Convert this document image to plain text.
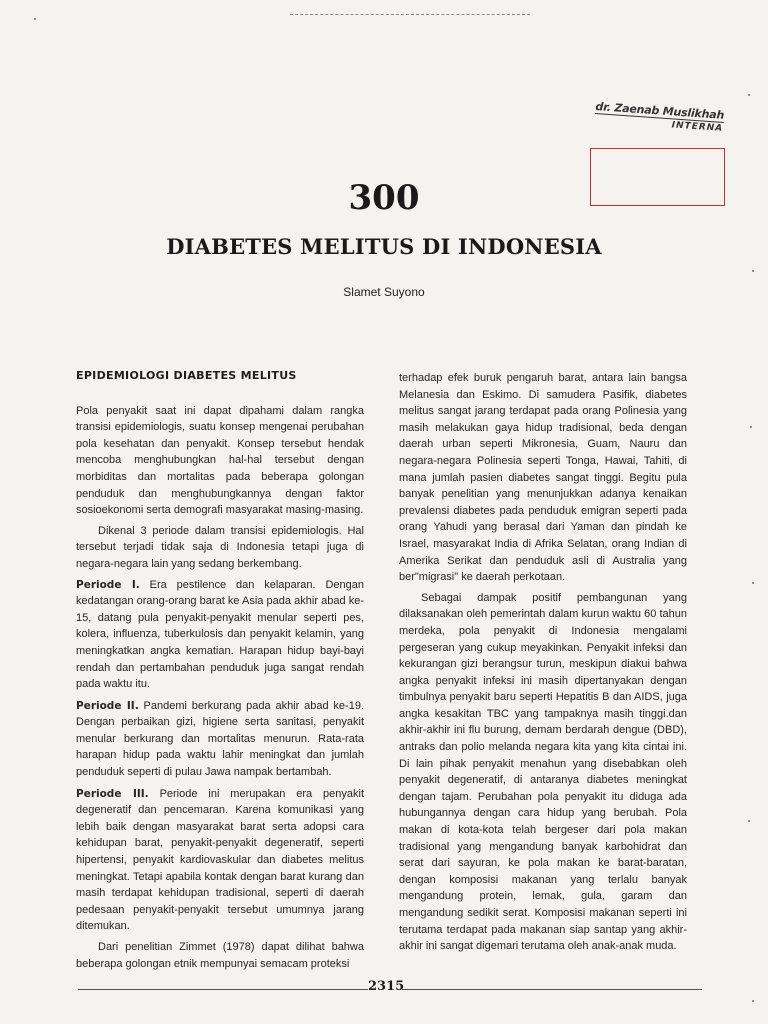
dr. Zaenab Muslikhah
INTERNA
300
DIABETES MELITUS DI INDONESIA
Slamet Suyono
EPIDEMIOLOGI DIABETES MELITUS

Pola penyakit saat ini dapat dipahami dalam rangka transisi epidemiologis, suatu konsep mengenai perubahan pola kesehatan dan penyakit. Konsep tersebut hendak mencoba menghubungkan hal-hal tersebut dengan morbiditas dan mortalitas pada beberapa golongan penduduk dan menghubungkannya dengan faktor sosioekonomi serta demografi masyarakat masing-masing.

Dikenal 3 periode dalam transisi epidemiologis. Hal tersebut terjadi tidak saja di Indonesia tetapi juga di negara-negara lain yang sedang berkembang.

Periode I. Era pestilence dan kelaparan. Dengan kedatangan orang-orang barat ke Asia pada akhir abad ke-15, datang pula penyakit-penyakit menular seperti pes, kolera, influenza, tuberkulosis dan penyakit kelamin, yang meningkatkan angka kematian. Harapan hidup bayi-bayi rendah dan pertambahan penduduk juga sangat rendah pada waktu itu.

Periode II. Pandemi berkurang pada akhir abad ke-19. Dengan perbaikan gizi, higiene serta sanitasi, penyakit menular berkurang dan mortalitas menurun. Rata-rata harapan hidup pada waktu lahir meningkat dan jumlah penduduk seperti di pulau Jawa nampak bertambah.

Periode III. Periode ini merupakan era penyakit degeneratif dan pencemaran. Karena komunikasi yang lebih baik dengan masyarakat barat serta adopsi cara kehidupan barat, penyakit-penyakit degeneratif, seperti hipertensi, penyakit kardiovaskular dan diabetes melitus meningkat. Tetapi apabila kontak dengan barat kurang dan masih terdapat kehidupan tradisional, seperti di daerah pedesaan penyakit-penyakit tersebut umumnya jarang ditemukan.

Dari penelitian Zimmet (1978) dapat dilihat bahwa beberapa golongan etnik mempunyai semacam proteksi

terhadap efek buruk pengaruh barat, antara lain bangsa Melanesia dan Eskimo. Di samudera Pasifik, diabetes melitus sangat jarang terdapat pada orang Polinesia yang masih melakukan gaya hidup tradisional, beda dengan daerah urban seperti Mikronesia, Guam, Nauru dan negara-negara Polinesia seperti Tonga, Hawai, Tahiti, di mana jumlah pasien diabetes sangat tinggi. Begitu pula banyak penelitian yang menunjukkan adanya kenaikan prevalensi diabetes pada penduduk emigran seperti pada orang Yahudi yang berasal dari Yaman dan pindah ke Israel, masyarakat India di Afrika Selatan, orang Indian di Amerika Serikat dan penduduk asli di Australia yang ber"migrasi" ke daerah perkotaan.

Sebagai dampak positif pembangunan yang dilaksanakan oleh pemerintah dalam kurun waktu 60 tahun merdeka, pola penyakit di Indonesia mengalami pergeseran yang cukup meyakinkan. Penyakit infeksi dan kekurangan gizi berangsur turun, meskipun diakui bahwa angka penyakit infeksi ini masih dipertanyakan dengan timbulnya penyakit baru seperti Hepatitis B dan AIDS, juga angka kesakitan TBC yang tampaknya masih tinggi.dan akhir-akhir ini flu burung, demam berdarah dengue (DBD), antraks dan polio melanda negara kita yang kita cintai ini. Di lain pihak penyakit menahun yang disebabkan oleh penyakit degeneratif, di antaranya diabetes meningkat dengan tajam. Perubahan pola penyakit itu diduga ada hubungannya dengan cara hidup yang berubah. Pola makan di kota-kota telah bergeser dari pola makan tradisional yang mengandung banyak karbohidrat dan serat dari sayuran, ke pola makan ke barat-baratan, dengan komposisi makanan yang terlalu banyak mengandung protein, lemak, gula, garam dan mengandung sedikit serat. Komposisi makanan seperti ini terutama terdapat pada makanan siap santap yang akhir-akhir ini sangat digemari terutama oleh anak-anak muda.

2315
